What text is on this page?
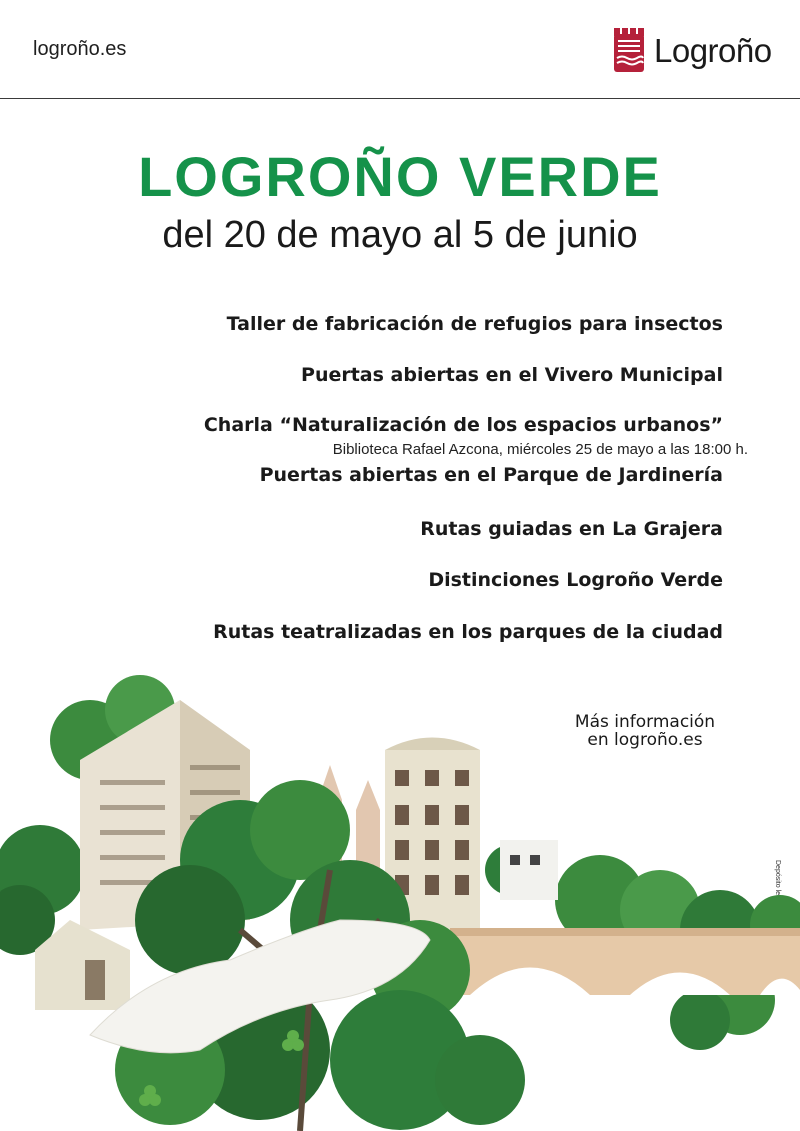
logroño.es	Logroño
LOGROÑO VERDE

del 20 de mayo al 5 de junio

Taller de fabricación de refugios para insectos
Puertas abiertas en el Vivero Municipal
Charla “Naturalización de los espacios urbanos”
Biblioteca Rafael Azcona, miércoles 25 de mayo a las 18:00 h.
Puertas abiertas en el Parque de Jardinería
Rutas guiadas en La Grajera
Distinciones Logroño Verde
Rutas teatralizadas en los parques de la ciudad
Más información
en logroño.es
